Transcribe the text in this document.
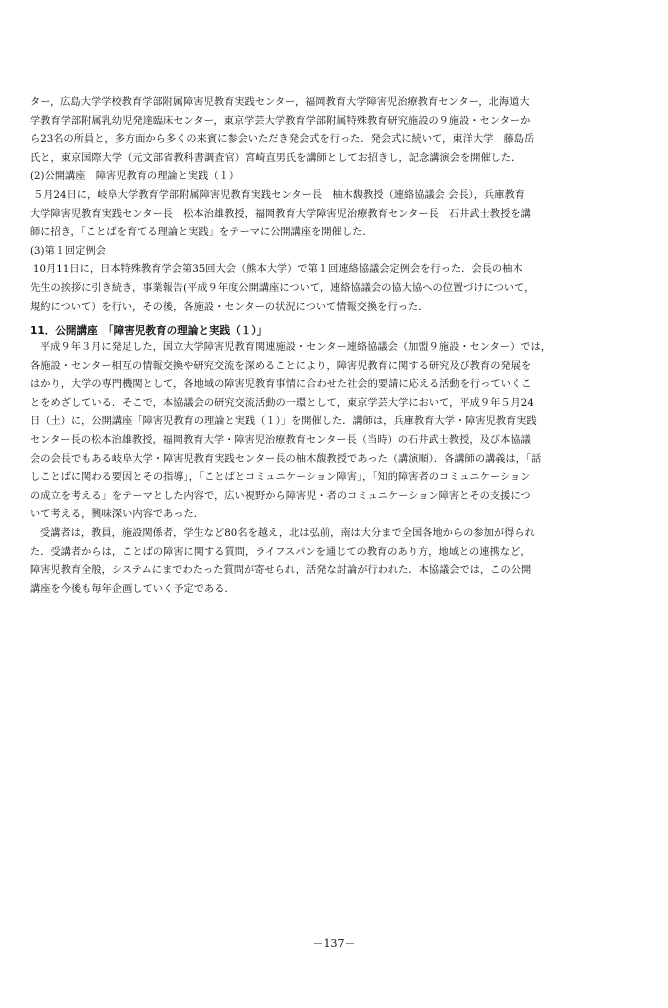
ター，広島大学学校教育学部附属障害児教育実践センター，福岡教育大学障害児治療教育センター，北海道大
学教育学部附属乳幼児発達臨床センター，東京学芸大学教育学部附属特殊教育研究施設の９施設・センターか
ら23名の所員と，多方面から多くの来賓に参会いただき発会式を行った．発会式に続いて，東洋大学　藤島岳
氏と，東京国際大学（元文部省教科書調査官）宮崎直男氏を講師としてお招きし，記念講演会を開催した．
(2)公開講座　障害児教育の理論と実践（１）
５月24日に，岐阜大学教育学部附属障害児教育実践センター長　柚木馥教授（連絡協議会 会長），兵庫教育
大学障害児教育実践センター長　松本治雄教授，福岡教育大学障害児治療教育センター長　石井武士教授を講
師に招き，「ことばを育てる理論と実践」をテーマに公開講座を開催した．
(3)第１回定例会
10月11日に，日本特殊教育学会第35回大会（熊本大学）で第１回連絡協議会定例会を行った．会長の柚木
先生の挨拶に引き続き，事業報告(平成９年度公開講座について，連絡協議会の協大協への位置づけについて，
規約について）を行い，その後，各施設・センターの状況について情報交換を行った．
11．公開講座　「障害児教育の理論と実践（１）」
平成９年３月に発足した，国立大学障害児教育関連施設・センター連絡協議会（加盟９施設・センター）では，
各施設・センター相互の情報交換や研究交流を深めることにより，障害児教育に関する研究及び教育の発展を
はかり，大学の専門機関として，各地域の障害児教育事情に合わせた社会的要請に応える活動を行っていくこ
とをめざしている．そこで，本協議会の研究交流活動の一環として，東京学芸大学において，平成９年５月24
日（土）に，公開講座「障害児教育の理論と実践（１）」を開催した．講師は，兵庫教育大学・障害児教育実践
センター長の松本治雄教授，福岡教育大学・障害児治療教育センター長（当時）の石井武士教授，及び本協議
会の会長でもある岐阜大学・障害児教育実践センター長の柚木馥教授であった（講演順）．各講師の講義は，「話
しことばに関わる要因とその指導」，「ことばとコミュニケーション障害」，「知的障害者のコミュニケーション
の成立を考える」をテーマとした内容で，広い視野から障害児・者のコミュニケーション障害とその支援につ
いて考える，興味深い内容であった．
受講者は，教員，施設関係者，学生など80名を越え，北は弘前，南は大分まで全国各地からの参加が得られ
た．受講者からは，ことばの障害に関する質問，ライフスパンを通じての教育のあり方，地域との連携など，
障害児教育全般，システムにまでわたった質問が寄せられ，活発な討論が行われた．本協議会では，この公開
講座を今後も毎年企画していく予定である．
－137－
